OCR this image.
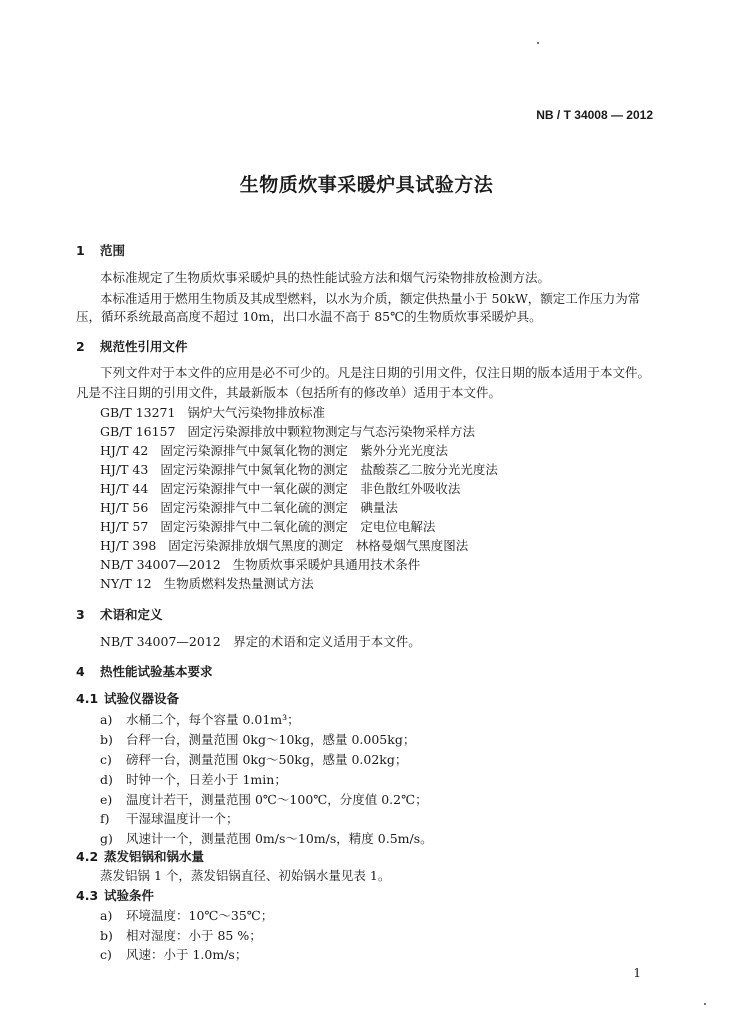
NB / T 34008 — 2012
生物质炊事采暖炉具试验方法
1 范围
本标准规定了生物质炊事采暖炉具的热性能试验方法和烟气污染物排放检测方法。
本标准适用于燃用生物质及其成型燃料，以水为介质，额定供热量小于 50kW，额定工作压力为常
压，循环系统最高高度不超过 10m，出口水温不高于 85℃的生物质炊事采暖炉具。
2 规范性引用文件
下列文件对于本文件的应用是必不可少的。凡是注日期的引用文件，仅注日期的版本适用于本文件。
凡是不注日期的引用文件，其最新版本（包括所有的修改单）适用于本文件。
GB/T 13271 锅炉大气污染物排放标准
GB/T 16157 固定污染源排放中颗粒物测定与气态污染物采样方法
HJ/T 42 固定污染源排气中氮氧化物的测定　紫外分光光度法
HJ/T 43 固定污染源排气中氮氧化物的测定　盐酸萘乙二胺分光光度法
HJ/T 44 固定污染源排气中一氧化碳的测定　非色散红外吸收法
HJ/T 56 固定污染源排气中二氧化硫的测定　碘量法
HJ/T 57 固定污染源排气中二氧化硫的测定　定电位电解法
HJ/T 398 固定污染源排放烟气黑度的测定　林格曼烟气黑度图法
NB/T 34007—2012 生物质炊事采暖炉具通用技术条件
NY/T 12 生物质燃料发热量测试方法
3 术语和定义
NB/T 34007—2012　界定的术语和定义适用于本文件。
4 热性能试验基本要求
4.1 试验仪器设备
a) 水桶二个，每个容量 0.01m³；
b) 台秤一台，测量范围 0kg～10kg，感量 0.005kg；
c) 磅秤一台，测量范围 0kg～50kg，感量 0.02kg；
d) 时钟一个，日差小于 1min；
e) 温度计若干，测量范围 0℃～100℃，分度值 0.2℃；
f) 干湿球温度计一个；
g) 风速计一个，测量范围 0m/s～10m/s，精度 0.5m/s。
4.2 蒸发铝锅和锅水量
蒸发铝锅 1 个，蒸发铝锅直径、初始锅水量见表 1。
4.3 试验条件
a) 环境温度：10℃～35℃；
b) 相对湿度：小于 85 %；
c) 风速：小于 1.0m/s；
1
